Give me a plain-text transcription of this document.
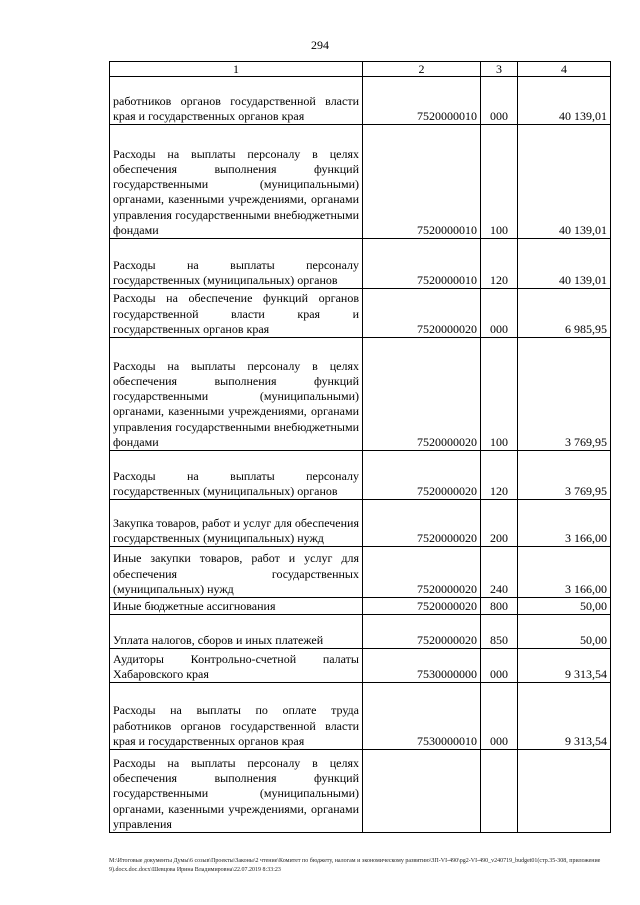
294
1	2	3	4
работников органов государственной власти края и государственных органов края	7520000010	000	40 139,01
Расходы на выплаты персоналу в целях обеспечения выполнения функций государственными (муниципальными) органами, казенными учреждениями, органами управления государственными внебюджетными фондами	7520000010	100	40 139,01
Расходы на выплаты персоналу государственных (муниципальных) органов	7520000010	120	40 139,01
Расходы на обеспечение функций органов государственной власти края и государственных органов края	7520000020	000	6 985,95
Расходы на выплаты персоналу в целях обеспечения выполнения функций государственными (муниципальными) органами, казенными учреждениями, органами управления государственными внебюджетными фондами	7520000020	100	3 769,95
Расходы на выплаты персоналу государственных (муниципальных) органов	7520000020	120	3 769,95
Закупка товаров, работ и услуг для обеспечения государственных (муниципальных) нужд	7520000020	200	3 166,00
Иные закупки товаров, работ и услуг для обеспечения государственных (муниципальных) нужд	7520000020	240	3 166,00
Иные бюджетные ассигнования	7520000020	800	50,00
Уплата налогов, сборов и иных платежей	7520000020	850	50,00
Аудиторы Контрольно-счетной палаты Хабаровского края	7530000000	000	9 313,54
Расходы на выплаты по оплате труда работников органов государственной власти края и государственных органов края	7530000010	000	9 313,54
Расходы на выплаты персоналу в целях обеспечения выполнения функций государственными (муниципальными) органами, казенными учреждениями, органами управления			
M:\Итоговые документы Думы\6 созыв\Проекты\Законы\2 чтение\Комитет по бюджету, налогам и экономическому развитию\ЗП-VI-490\pg2-VI-490_v240719_budget01(стр.35-308, приложение 9).docx.doc.docx\Шевцова Ирина Владимировна\22.07.2019 8:33:23
